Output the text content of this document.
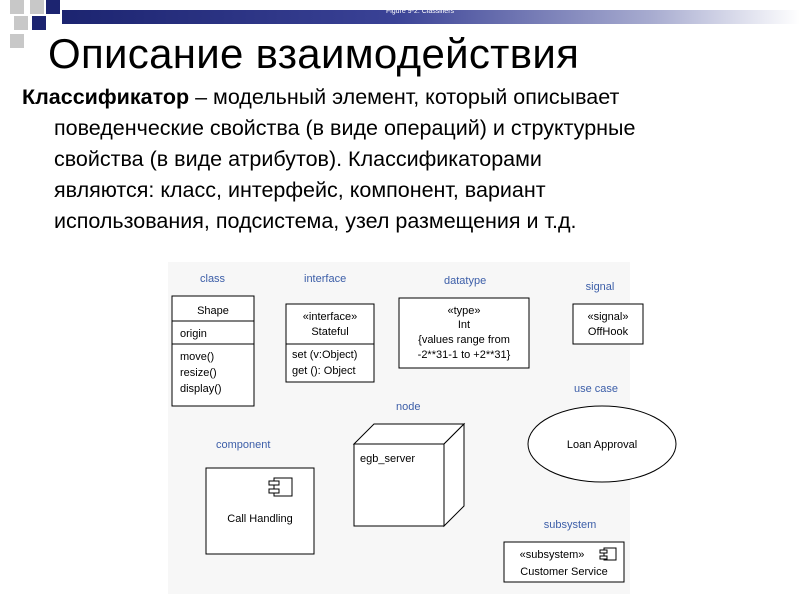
Figure 9-2. Classifiers
Описание взаимодействия
Классификатор – модельный элемент, который описывает
поведенческие свойства (в виде операций) и структурные
свойства (в виде атрибутов). Классификаторами
являются: класс, интерфейс, компонент, вариант
использования, подсистема, узел размещения и т.д.
class
Shape
origin
move()
resize()
display()
interface
«interface»
Stateful
set (v:Object)
get (): Object
datatype
«type»
Int
{values range from
-2**31-1 to +2**31}
signal
«signal»
OffHook
use case
Loan Approval
node
egb_server
component
Call Handling	subsystem
«subsystem»
Customer Service
